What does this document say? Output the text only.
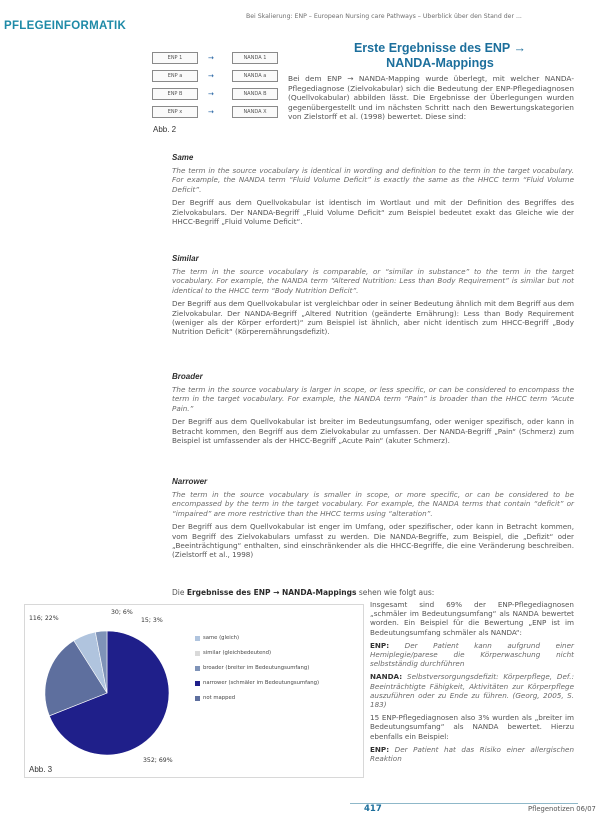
PFLEGEINFORMATIK
Bei Skalierung: ENP – European Nursing care Pathways – Überblick über den Stand der ...
ENP 1	→	NANDA 1
ENP a	→	NANDA a
ENP B	→	NANDA B
ENP x	→	NANDA X
Abb. 2
Erste Ergebnisse des ENP →
NANDA-Mappings
Bei dem ENP → NANDA-Mapping wurde überlegt, mit welcher NANDA-Pflegediagnose (Zielvokabular) sich die Bedeutung der ENP-Pflegediagnosen (Quellvokabular) abbilden lässt. Die Ergebnisse der Überlegungen wurden gegenübergestellt und im nächsten Schritt nach den Bewertungskategorien von Zielstorff et al. (1998) bewertet. Diese sind:
Same

The term in the source vocabulary is identical in wording and definition to the term in the target vocabulary. For example, the NANDA term “Fluid Volume Deficit” is exactly the same as the HHCC term “Fluid Volume Deficit”.

Der Begriff aus dem Quellvokabular ist identisch im Wortlaut und mit der Definition des Begriffes des Zielvokabulars. Der NANDA-Begriff „Fluid Volume Deficit“ zum Beispiel bedeutet exakt das Gleiche wie der HHCC-Begriff „Fluid Volume Deficit“.

Similar

The term in the source vocabulary is comparable, or “similar in substance” to the term in the target vocabulary. For example, the NANDA term “Altered Nutrition: Less than Body Requirement” is similar but not identical to the HHCC term “Body Nutrition Deficit”.

Der Begriff aus dem Quellvokabular ist vergleichbar oder in seiner Bedeutung ähnlich mit dem Begriff aus dem Zielvokabular. Der NANDA-Begriff „Altered Nutrition (geänderte Ernährung): Less than Body Requirement (weniger als der Körper erfordert)“ zum Beispiel ist ähnlich, aber nicht identisch zum HHCC-Begriff „Body Nutrition Deficit“ (Körperernährungsdefizit).

Broader

The term in the source vocabulary is larger in scope, or less specific, or can be considered to encompass the term in the target vocabulary. For example, the NANDA term “Pain” is broader than the HHCC term “Acute Pain.”

Der Begriff aus dem Quellvokabular ist breiter im Bedeutungsumfang, oder weniger spezifisch, oder kann in Betracht kommen, den Begriff aus dem Zielvokabular zu umfassen. Der NANDA-Begriff „Pain“ (Schmerz) zum Beispiel ist umfassender als der HHCC-Begriff „Acute Pain“ (akuter Schmerz).

Narrower

The term in the source vocabulary is smaller in scope, or more specific, or can be considered to be encompassed by the term in the target vocabulary. For example, the NANDA terms that contain “deficit” or “impaired” are more restrictive than the HHCC terms using “alteration”.

Der Begriff aus dem Quellvokabular ist enger im Umfang, oder spezifischer, oder kann in Betracht kommen, vom Begriff des Zielvokabulars umfasst zu werden. Die NANDA-Begriffe, zum Beispiel, die „Defizit“ oder „Beeinträchtigung“ enthalten, sind einschränkender als die HHCC-Begriffe, die eine Veränderung beschreiben. (Zielstorff et al., 1998)

Die Ergebnisse des ENP → NANDA-Mappings sehen wie folgt aus:
116; 22%
30; 6%
15; 3%
352; 69%
same (gleich)
similar (gleichbedeutend)
broader (breiter im Bedeutungsumfang)
narrower (schmäler im Bedeutungsumfang)
not mapped
Abb. 3

Insgesamt sind 69% der ENP-Pflegediagnosen „schmäler im Bedeutungsumfang“ als NANDA bewertet worden. Ein Beispiel für die Bewertung „ENP ist im Bedeutungsumfang schmäler als NANDA“:

ENP: Der Patient kann aufgrund einer Hemiplegie/parese die Körperwaschung nicht selbstständig durchführen

NANDA: Selbstversorgungsdefizit: Körperpflege, Def.: Beeinträchtigte Fähigkeit, Aktivitäten zur Körperpflege auszuführen oder zu Ende zu führen. (Georg, 2005, S. 183)

15 ENP-Pflegediagnosen also 3% wurden als „breiter im Bedeutungsumfang“ als NANDA bewertet. Hierzu ebenfalls ein Beispiel:

ENP: Der Patient hat das Risiko einer allergischen Reaktion

417	Pflegenotizen 06/07
